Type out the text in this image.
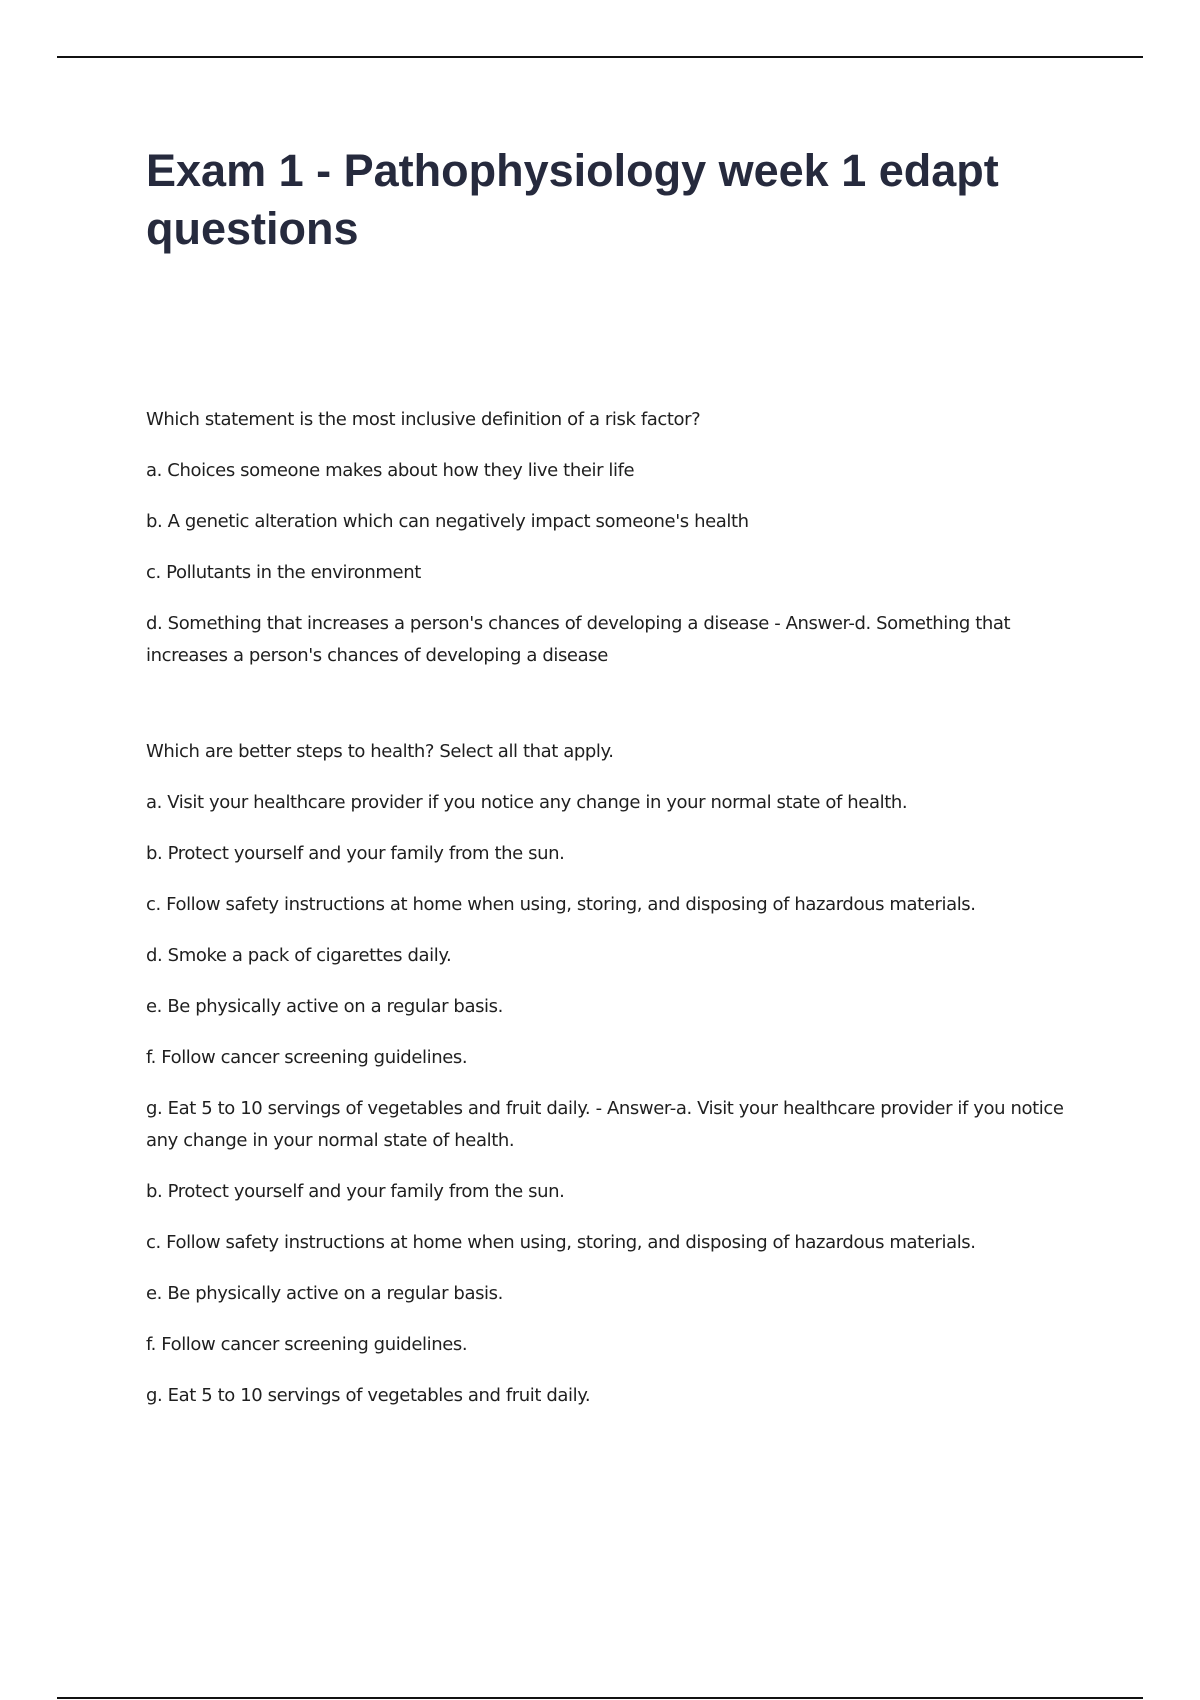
Exam 1 - Pathophysiology week 1 edapt questions

Which statement is the most inclusive definition of a risk factor?

a. Choices someone makes about how they live their life

b. A genetic alteration which can negatively impact someone's health

c. Pollutants in the environment

d. Something that increases a person's chances of developing a disease - Answer-d. Something that increases a person's chances of developing a disease

Which are better steps to health? Select all that apply.

a. Visit your healthcare provider if you notice any change in your normal state of health.

b. Protect yourself and your family from the sun.

c. Follow safety instructions at home when using, storing, and disposing of hazardous materials.

d. Smoke a pack of cigarettes daily.

e. Be physically active on a regular basis.

f. Follow cancer screening guidelines.

g. Eat 5 to 10 servings of vegetables and fruit daily. - Answer-a. Visit your healthcare provider if you notice any change in your normal state of health.

b. Protect yourself and your family from the sun.

c. Follow safety instructions at home when using, storing, and disposing of hazardous materials.

e. Be physically active on a regular basis.

f. Follow cancer screening guidelines.

g. Eat 5 to 10 servings of vegetables and fruit daily.
